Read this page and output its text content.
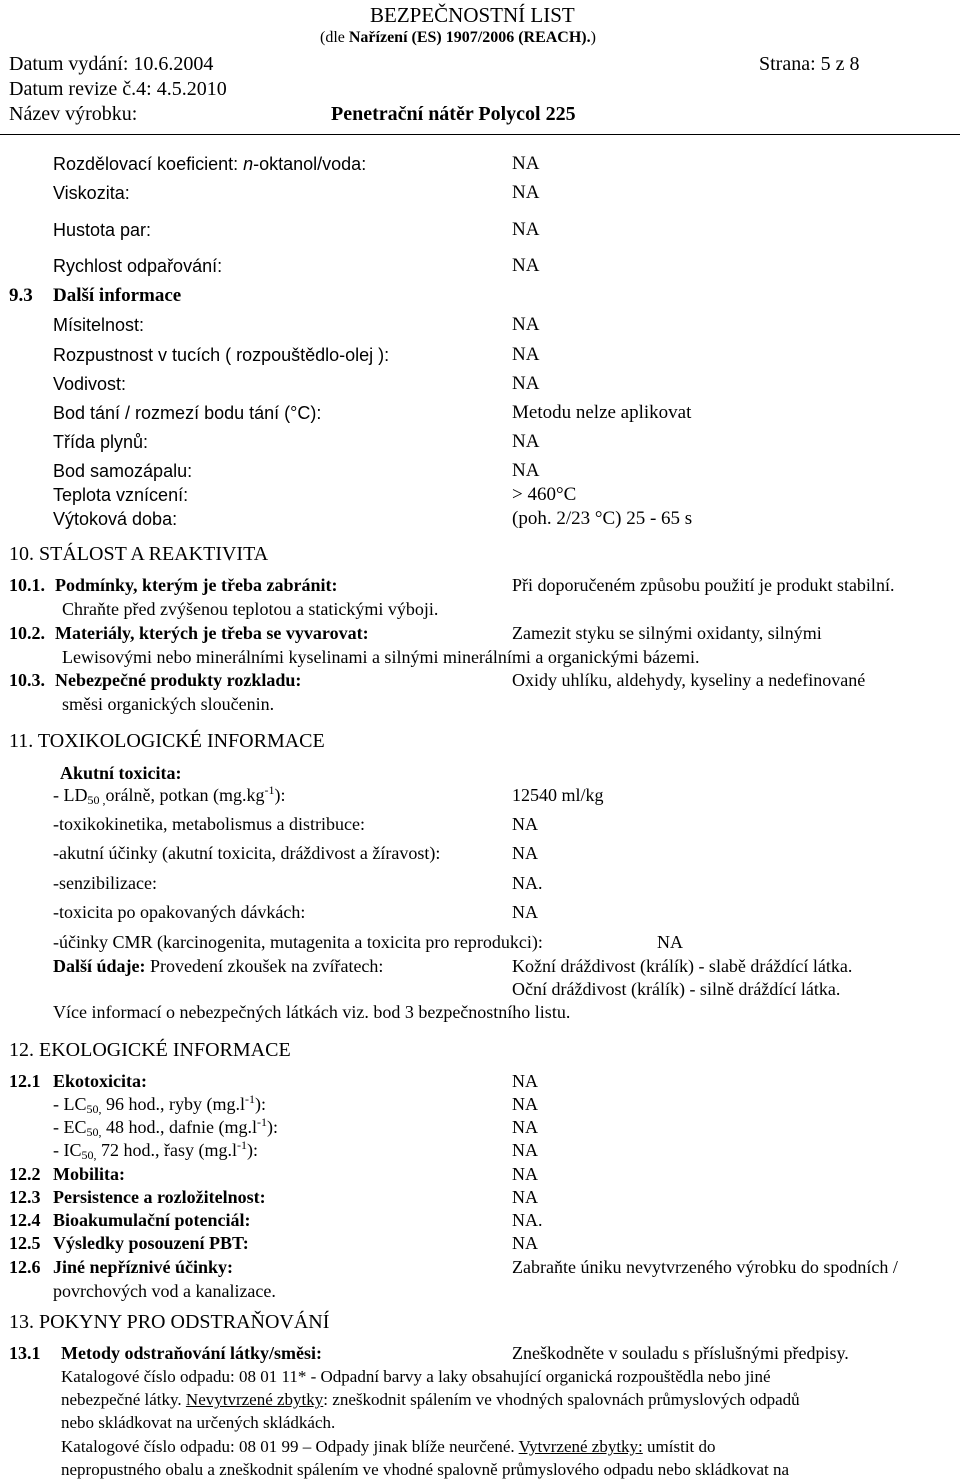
BEZPEČNOSTNÍ LIST
(dle Nařízení (ES) 1907/2006 (REACH).)
Datum vydání: 10.6.2004	Strana: 5 z 8
Datum revize č.4: 4.5.2010
Název výrobku:	Penetrační nátěr Polycol 225
Rozdělovací koeficient: n-oktanol/voda:	NA
Viskozita:	NA
Hustota par:	NA
Rychlost odpařování:	NA
9.3 Další informace
Mísitelnost:	NA
Rozpustnost v tucích ( rozpouštědlo-olej ):	NA
Vodivost:	NA
Bod tání / rozmezí bodu tání (°C):	Metodu nelze aplikovat
Třída plynů:	NA
Bod samozápalu:	NA
Teplota vznícení:	> 460°C
Výtoková doba:	(poh. 2/23 °C) 25 - 65 s
10. STÁLOST A REAKTIVITA
10.1. Podmínky, kterým je třeba zabránit:	Při doporučeném způsobu použití je produkt stabilní.
Chraňte před zvýšenou teplotou a statickými výboji.
10.2. Materiály, kterých je třeba se vyvarovat:	Zamezit styku se silnými oxidanty, silnými
Lewisovými nebo minerálními kyselinami a silnými minerálními a organickými bázemi.
10.3. Nebezpečné produkty rozkladu:	Oxidy uhlíku, aldehydy, kyseliny a nedefinované
směsi organických sloučenin.
11. TOXIKOLOGICKÉ INFORMACE
Akutní toxicita:
- $LD_{50 ,}orá\ln ě$, potkan $(mg.kg^{-1})$:	12540 ml/kg
-toxikokinetika, metabolismus a distribuce:	NA
-akutní účinky (akutní toxicita, dráždivost a žíravost):	NA
-senzibilizace:	NA.
-toxicita po opakovaných dávkách:	NA
-účinky CMR (karcinogenita, mutagenita a toxicita pro reprodukci):	NA
Další údaje: Provedení zkoušek na zvířatech:	Kožní dráždivost (králík) - slabě dráždící látka.
Oční dráždivost (králík) - silně dráždící látka.
Více informací o nebezpečných látkách viz. bod 3 bezpečnostního listu.
12. EKOLOGICKÉ INFORMACE
12.1 Ekotoxicita:	NA
- $LC_{50,}$ 96 hod., ryby $(mg.l^{-1})$:	NA
- $EC_{50,}$ 48 hod., dafnie $(mg.l^{-1})$:	NA
- $IC_{50,}$ 72 hod., řasy $(mg.l^{-1})$:	NA
12.2 Mobilita:	NA
12.3 Persistence a rozložitelnost:	NA
12.4 Bioakumulační potenciál:	NA.
12.5 Výsledky posouzení PBT:	NA
12.6 Jiné nepříznivé účinky:	Zabraňte úniku nevytvrzeného výrobku do spodních /
povrchových vod a kanalizace.
13. POKYNY PRO ODSTRAŇOVÁNÍ
13.1 Metody odstraňování látky/směsi:	Zneškodněte v souladu s příslušnými předpisy.
Katalogové číslo odpadu: 08 01 11* - Odpadní barvy a laky obsahující organická rozpouštědla nebo jiné
nebezpečné látky. Nevytvrzené zbytky: zneškodnit spálením ve vhodných spalovnách průmyslových odpadů
nebo skládkovat na určených skládkách.
Katalogové číslo odpadu: 08 01 99 – Odpady jinak blíže neurčené. Vytvrzené zbytky: umístit do
nepropustného obalu a zneškodnit spálením ve vhodné spalovně průmyslového odpadu nebo skládkovat na
